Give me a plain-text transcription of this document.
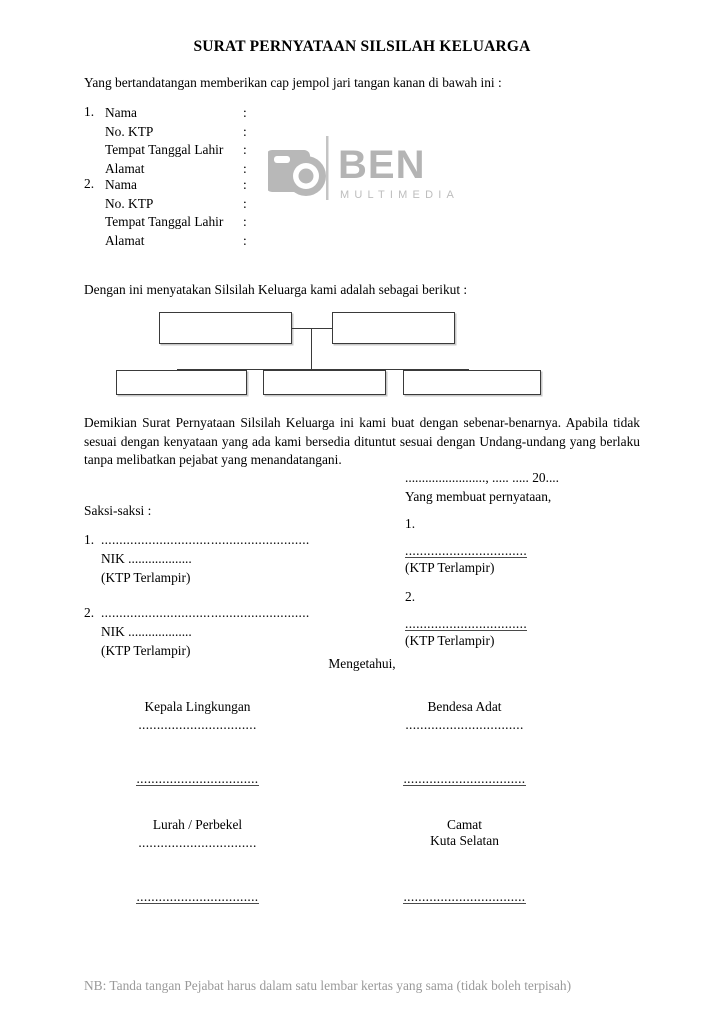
BEN
MULTIMEDIA
SURAT PERNYATAAN SILSILAH KELUARGA
Yang bertandatangan memberikan cap jempol jari tangan kanan di bawah ini :
1. Nama	:
No. KTP	:
Tempat Tanggal Lahir :
Alamat	:
2. Nama	:
No. KTP	:
Tempat Tanggal Lahir :
Alamat	:
Dengan ini menyatakan Silsilah Keluarga kami adalah sebagai berikut :
Demikian Surat Pernyataan Silsilah Keluarga ini kami buat dengan sebenar-benarnya. Apabila tidak sesuai dengan kenyataan yang ada kami bersedia dituntut sesuai dengan Undang-undang yang berlaku tanpa melibatkan pejabat yang menandatangani.
........................, ..... ..... 20....
Yang membuat pernyataan,
Saksi-saksi :
1. .............................. ...........................
NIK ...................
(KTP Terlampir)
2. .............................. ...........................
NIK ...................
(KTP Terlampir)
1.
.................................
(KTP Terlampir)
2.
.................................
(KTP Terlampir)
Mengetahui,
Kepala Lingkungan
................................
.................................
Bendesa Adat
................................
.................................
Lurah / Perbekel
................................
.................................
Camat
Kuta Selatan
.................................
NB: Tanda tangan Pejabat harus dalam satu lembar kertas yang sama (tidak boleh terpisah)
